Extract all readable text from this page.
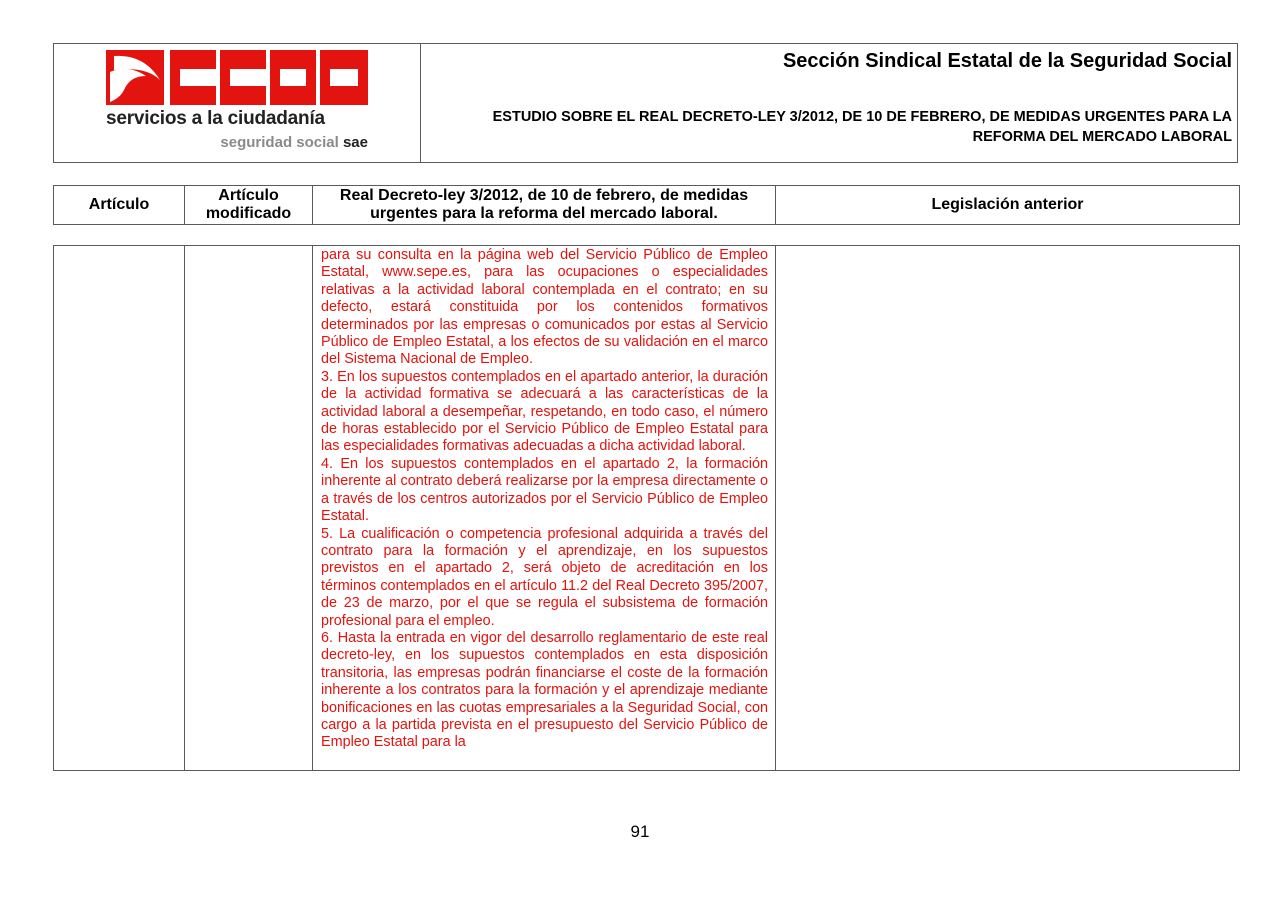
servicios a la ciudadanía
seguridad social sae
Sección Sindical Estatal de la Seguridad Social
ESTUDIO SOBRE EL REAL DECRETO-LEY 3/2012, DE 10 DE FEBRERO, DE MEDIDAS URGENTES PARA LA REFORMA DEL MERCADO LABORAL
Artículo	Artículo modificado	Real Decreto-ley 3/2012, de 10 de febrero, de medidas urgentes para la reforma del mercado laboral.	Legislación anterior

para su consulta en la página web del Servicio Público de Empleo Estatal, www.sepe.es, para las ocupaciones o especialidades relativas a la actividad laboral contemplada en el contrato; en su defecto, estará constituida por los contenidos formativos determinados por las empresas o comunicados por estas al Servicio Público de Empleo Estatal, a los efectos de su validación en el marco del Sistema Nacional de Empleo.

3. En los supuestos contemplados en el apartado anterior, la duración de la actividad formativa se adecuará a las características de la actividad laboral a desempeñar, respetando, en todo caso, el número de horas establecido por el Servicio Público de Empleo Estatal para las especialidades formativas adecuadas a dicha actividad laboral.

4. En los supuestos contemplados en el apartado 2, la formación inherente al contrato deberá realizarse por la empresa directamente o a través de los centros autorizados por el Servicio Público de Empleo Estatal.

5. La cualificación o competencia profesional adquirida a través del contrato para la formación y el aprendizaje, en los supuestos previstos en el apartado 2, será objeto de acreditación en los términos contemplados en el artículo 11.2 del Real Decreto 395/2007, de 23 de marzo, por el que se regula el subsistema de formación profesional para el empleo.

6. Hasta la entrada en vigor del desarrollo reglamentario de este real decreto-ley, en los supuestos contemplados en esta disposición transitoria, las empresas podrán financiarse el coste de la formación inherente a los contratos para la formación y el aprendizaje mediante bonificaciones en las cuotas empresariales a la Seguridad Social, con cargo a la partida prevista en el presupuesto del Servicio Público de Empleo Estatal para la

91
